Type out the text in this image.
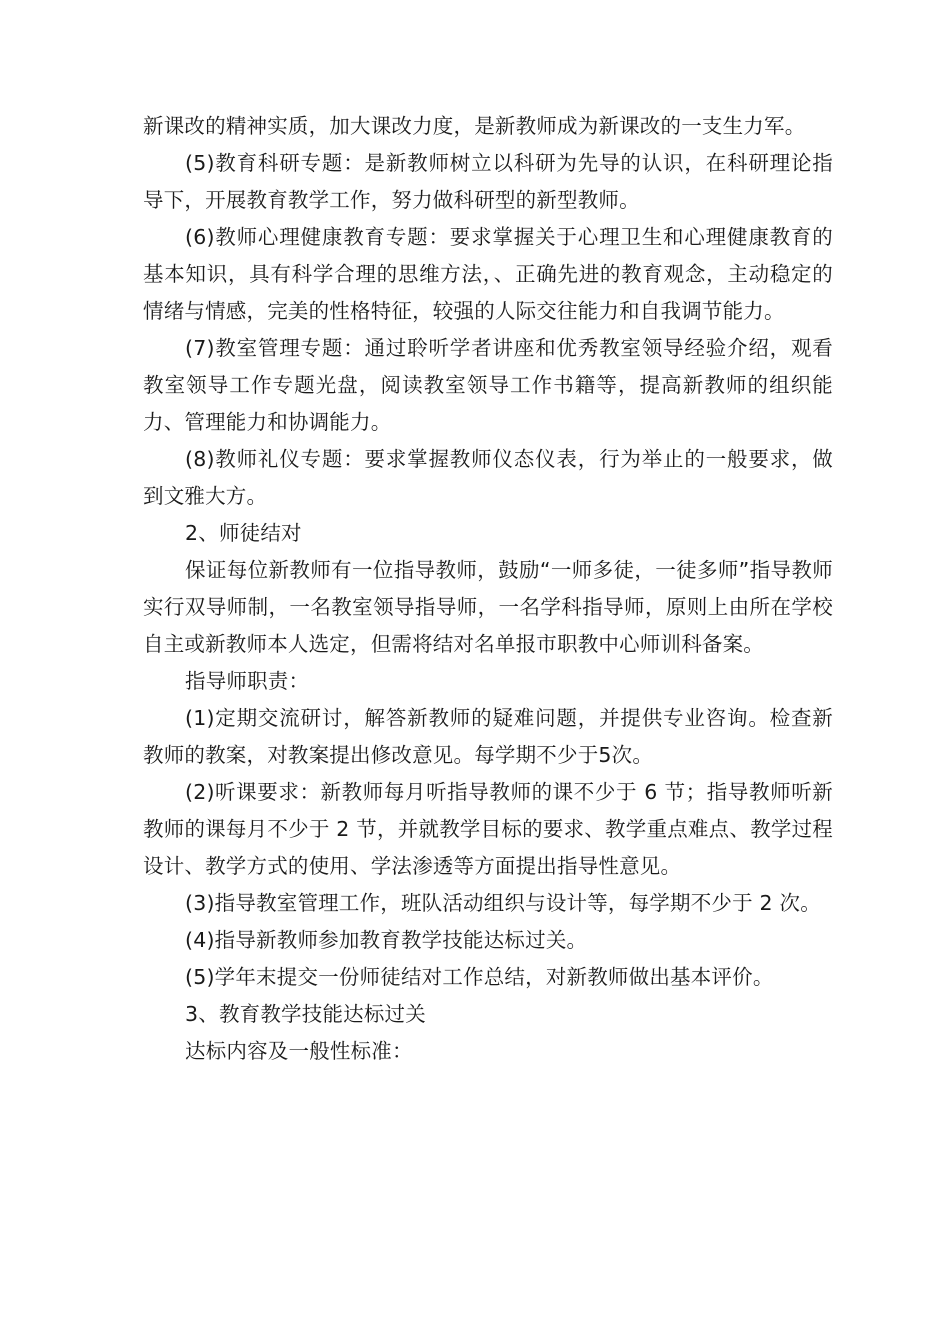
新课改的精神实质，加大课改力度，是新教师成为新课改的一支生力军。

(5)教育科研专题：是新教师树立以科研为先导的认识，在科研理论指导下，开展教育教学工作，努力做科研型的新型教师。

(6)教师心理健康教育专题：要求掌握关于心理卫生和心理健康教育的基本知识，具有科学合理的思维方法，、正确先进的教育观念，主动稳定的情绪与情感，完美的性格特征，较强的人际交往能力和自我调节能力。

(7)教室管理专题：通过聆听学者讲座和优秀教室领导经验介绍，观看教室领导工作专题光盘，阅读教室领导工作书籍等，提高新教师的组织能力、管理能力和协调能力。

(8)教师礼仪专题：要求掌握教师仪态仪表，行为举止的一般要求，做到文雅大方。

2、师徒结对

保证每位新教师有一位指导教师，鼓励“一师多徒，一徒多师”指导教师实行双导师制，一名教室领导指导师，一名学科指导师，原则上由所在学校自主或新教师本人选定，但需将结对名单报市职教中心师训科备案。

指导师职责：

(1)定期交流研讨，解答新教师的疑难问题，并提供专业咨询。检查新教师的教案，对教案提出修改意见。每学期不少于5次。

(2)听课要求：新教师每月听指导教师的课不少于 6 节；指导教师听新教师的课每月不少于 2 节，并就教学目标的要求、教学重点难点、教学过程设计、教学方式的使用、学法渗透等方面提出指导性意见。

(3)指导教室管理工作，班队活动组织与设计等，每学期不少于 2 次。

(4)指导新教师参加教育教学技能达标过关。

(5)学年末提交一份师徒结对工作总结，对新教师做出基本评价。

3、教育教学技能达标过关

达标内容及一般性标准：
